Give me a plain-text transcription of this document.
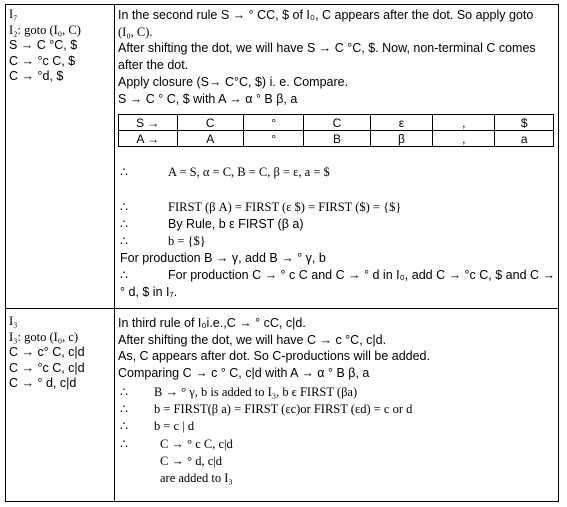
I₇
I₂: goto (I₀, C)
S → C °C, $
C → °c C, $
C → °d, $
In the second rule S → ° CC, $ of I₀, C appears after the dot. So apply goto
(I₀, C).
After shifting the dot, we will have S → C °C, $. Now, non-terminal C comes
after the dot.
Apply closure (S→ C°C, $) i. e. Compare.
S → C ° C, $ with A → α ° B β, a
S →	C	°	C	ε	,	$
A →	A	°	B	β	,	a
∴	A = S, α = C, B = C, β = ε, a = $
∴	FIRST (β A) = FIRST (ε $) = FIRST ($) = {$}
∴	By Rule, b ε FIRST (β a)
∴	b = {$}
For production B → γ, add B → ° γ, b
∴	For production C → ° c C and C → ° d in I₀, add C → °c C, $ and C →
° d, $ in I₇.
I₃
I₃: goto (I₀, c)
C → c° C, c|d
C → °c C, c|d
C → ° d, c|d
In third rule of I₀i.e.,C → ° cC, c|d.
After shifting the dot, we will have C → c °C, c|d.
As, C appears after dot. So C-productions will be added.
Comparing C → c ° C, c|d with A → α ° B β, a
∴ B → ° γ, b is added to I₃, b ϵ FIRST (βa)
∴ b = FIRST(β a) = FIRST (εc)or FIRST (εd) = c or d
∴ b = c | d
∴	C → ° c C, c|d
C → ° d, c|d
are added to I₃
